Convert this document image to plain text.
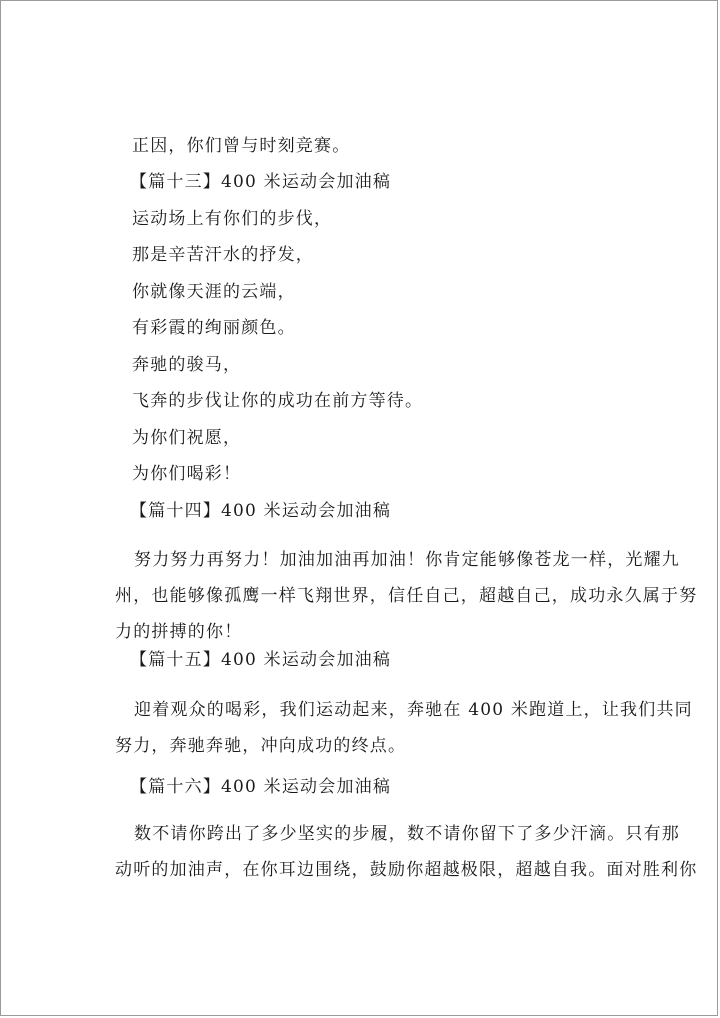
正因，你们曾与时刻竞赛。
【篇十三】400 米运动会加油稿
运动场上有你们的步伐，
那是辛苦汗水的抒发，
你就像天涯的云端，
有彩霞的绚丽颜色。
奔驰的骏马，
飞奔的步伐让你的成功在前方等待。
为你们祝愿，
为你们喝彩！
【篇十四】400 米运动会加油稿
努力努力再努力！加油加油再加油！你肯定能够像苍龙一样，光耀九
州，也能够像孤鹰一样飞翔世界，信任自己，超越自己，成功永久属于努
力的拼搏的你！
【篇十五】400 米运动会加油稿
迎着观众的喝彩，我们运动起来，奔驰在 400 米跑道上，让我们共同
努力，奔驰奔驰，冲向成功的终点。
【篇十六】400 米运动会加油稿
数不请你跨出了多少坚实的步履，数不请你留下了多少汗滴。只有那
动听的加油声，在你耳边围绕，鼓励你超越极限，超越自我。面对胜利你
